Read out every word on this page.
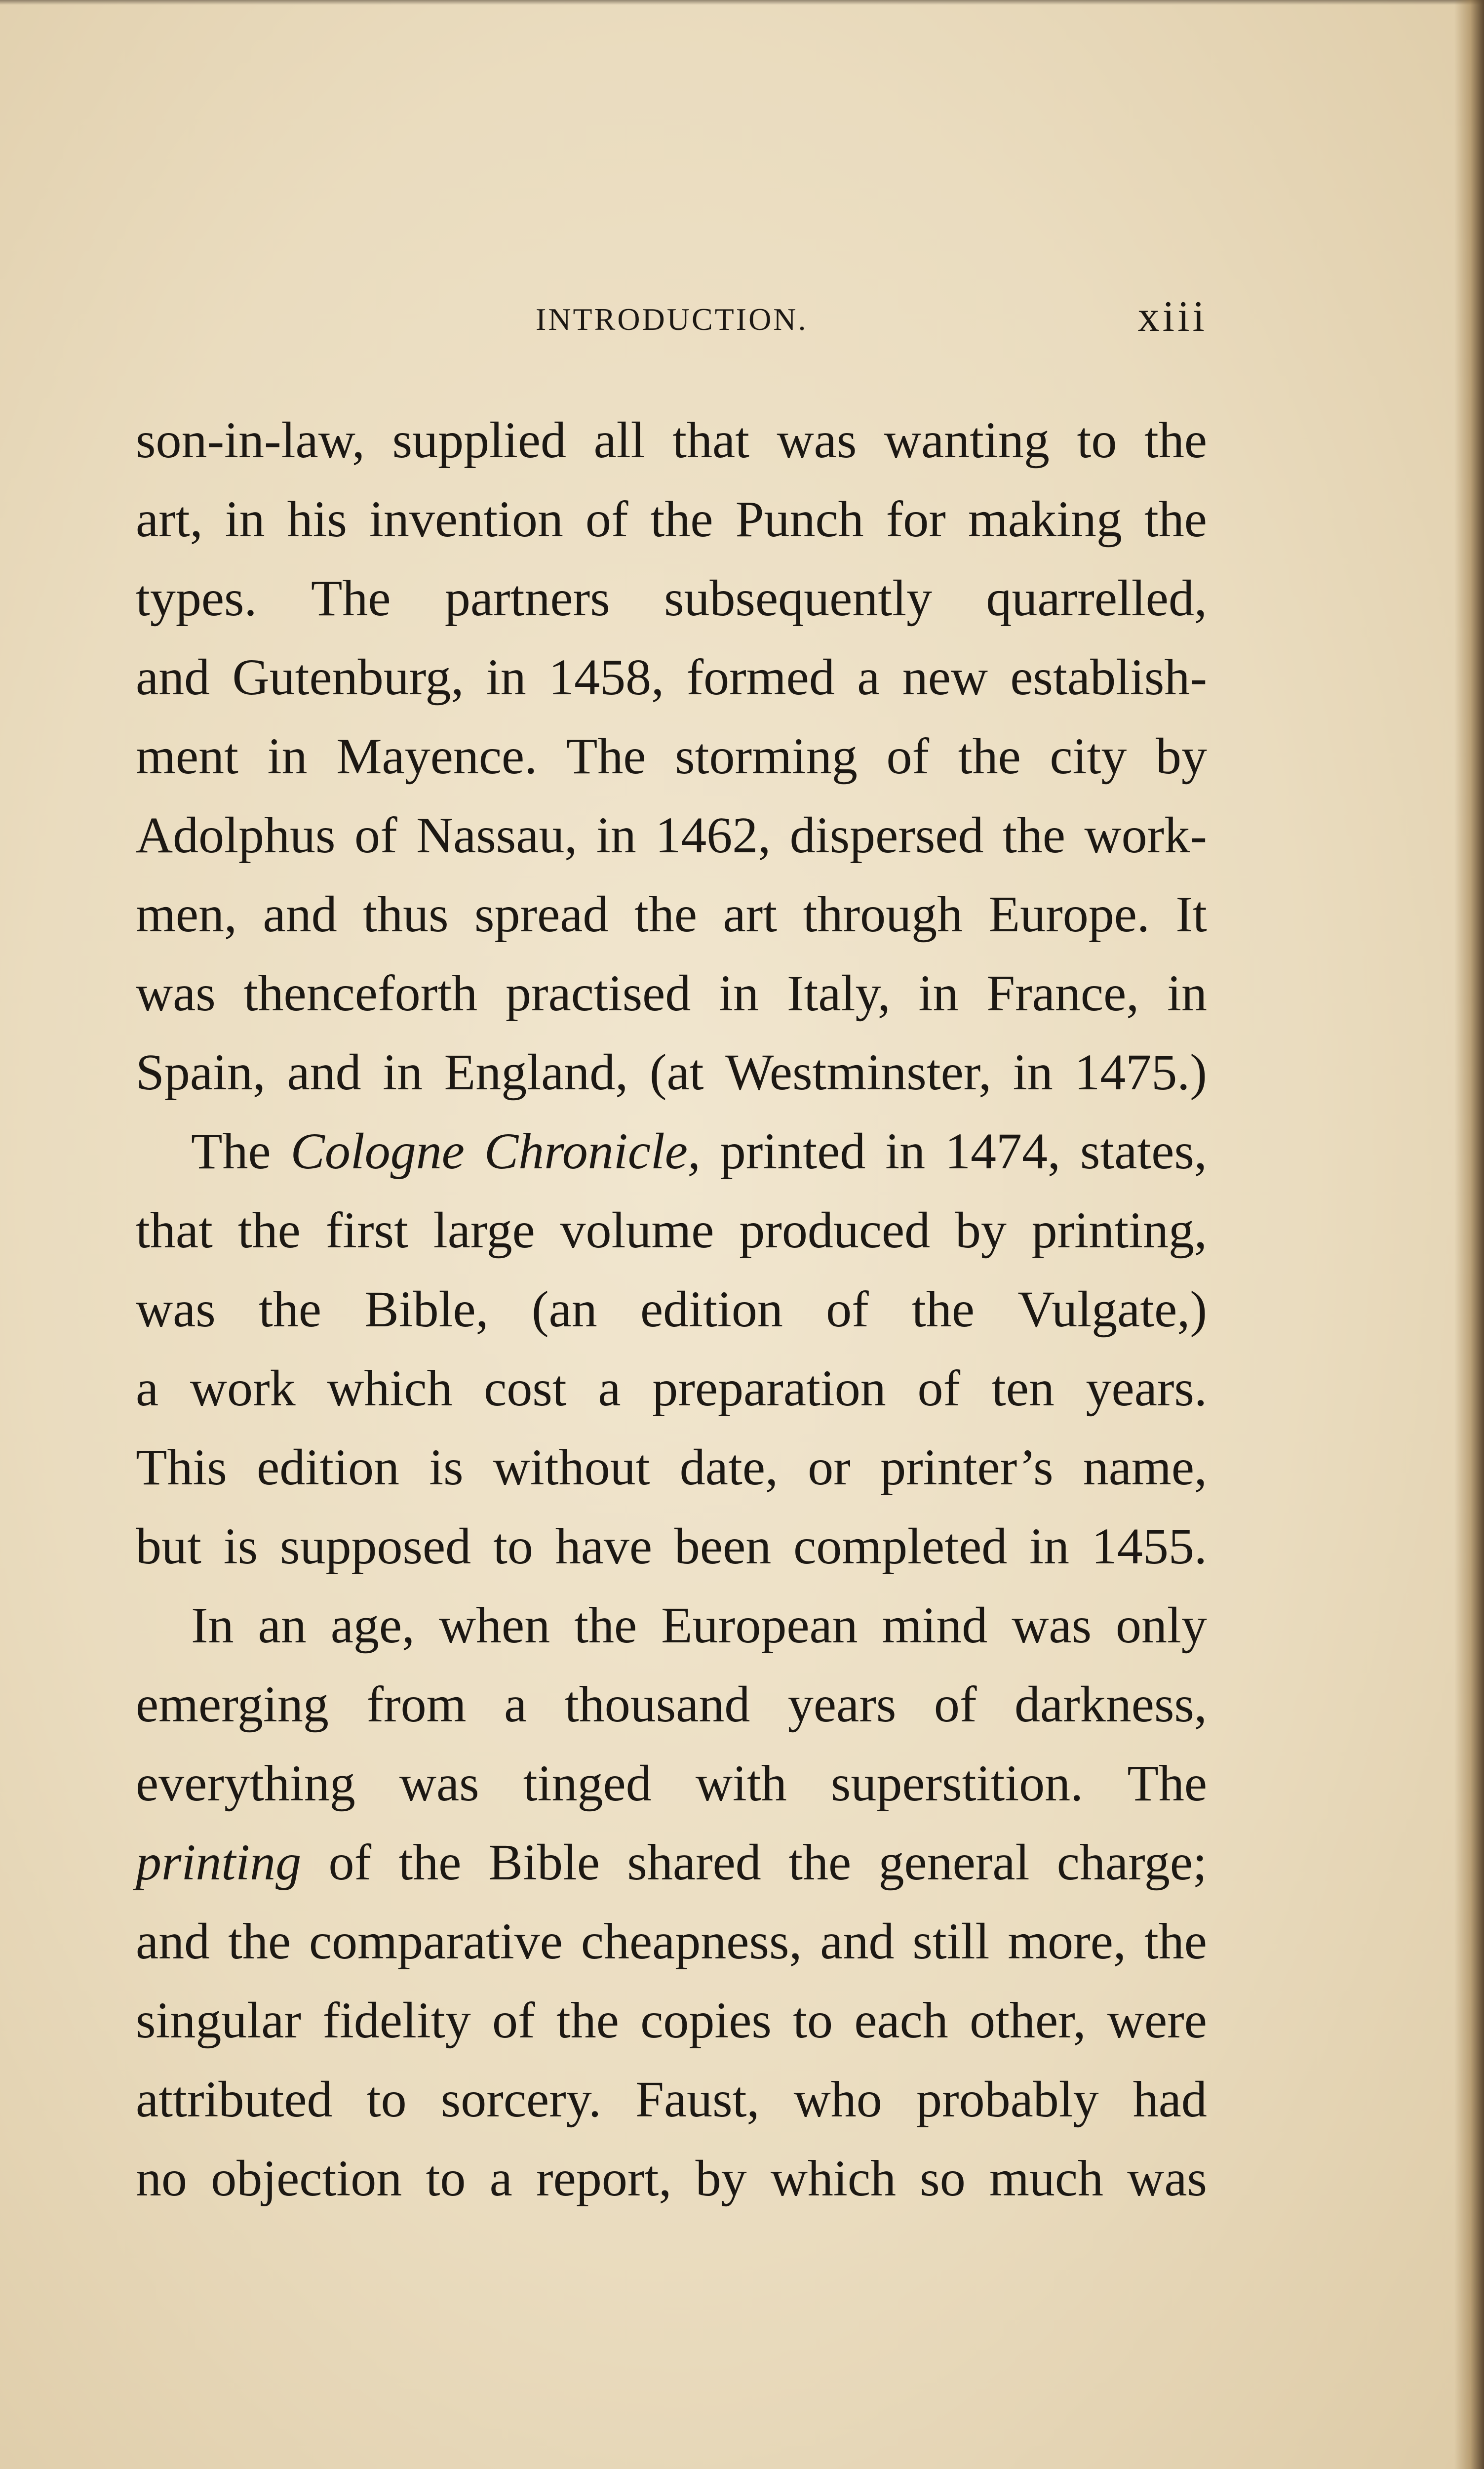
INTRODUCTION.	xiii
son-in-law, supplied all that was wanting to the
art, in his invention of the Punch for making the
types. The partners subsequently quarrelled,
and Gutenburg, in 1458, formed a new establish-
ment in Mayence. The storming of the city by
Adolphus of Nassau, in 1462, dispersed the work-
men, and thus spread the art through Europe. It
was thenceforth practised in Italy, in France, in
Spain, and in England, (at Westminster, in 1475.)
The Cologne Chronicle, printed in 1474, states,
that the first large volume produced by printing,
was the Bible, (an edition of the Vulgate,)
a work which cost a preparation of ten years.
This edition is without date, or printer’s name,
but is supposed to have been completed in 1455.
In an age, when the European mind was only
emerging from a thousand years of darkness,
everything was tinged with superstition. The
printing of the Bible shared the general charge;
and the comparative cheapness, and still more, the
singular fidelity of the copies to each other, were
attributed to sorcery. Faust, who probably had
no objection to a report, by which so much was
